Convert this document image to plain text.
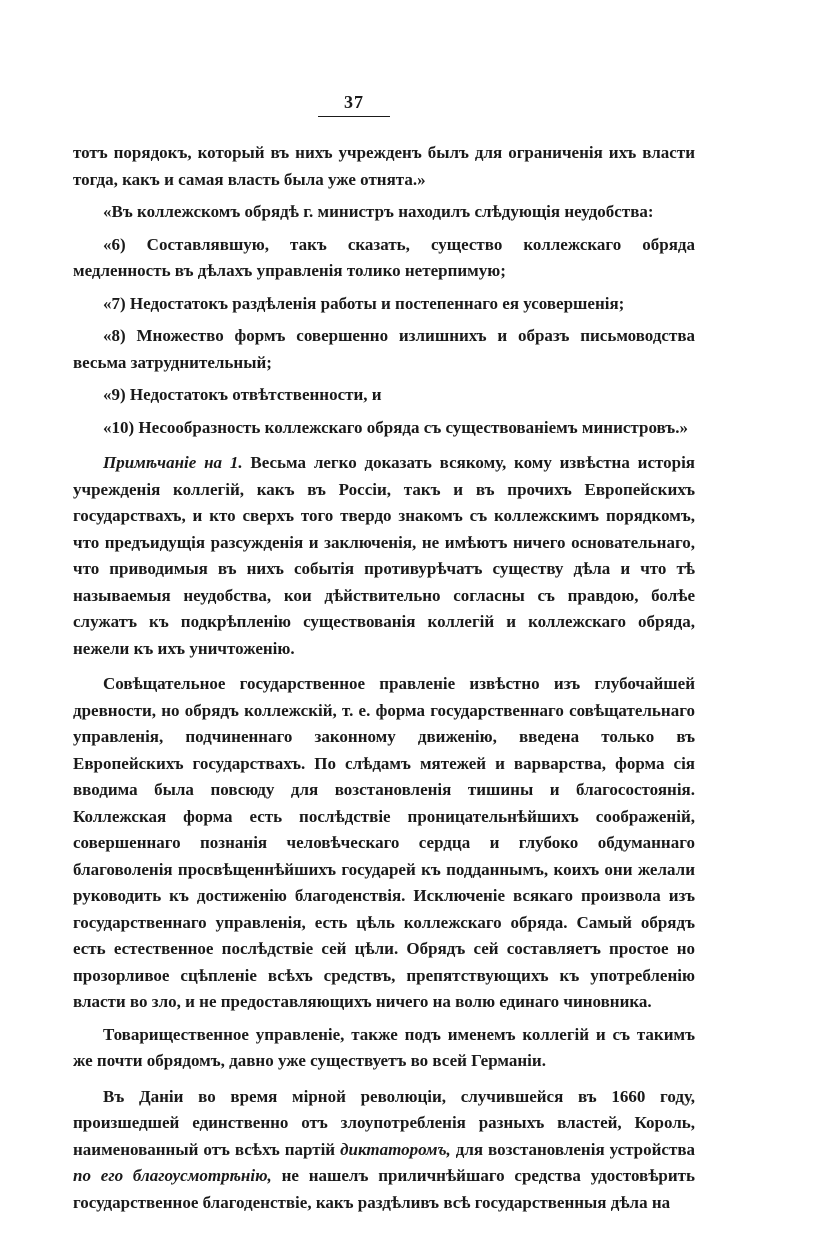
37

тотъ порядокъ, который въ нихъ учрежденъ былъ для ограниченія ихъ власти тогда, какъ и самая власть была уже отнята.»

«Въ коллежскомъ обрядѣ г. министръ находилъ слѣдующія неудобства:

«6) Составлявшую, такъ сказать, существо коллежскаго обряда медленность въ дѣлахъ управленія толико нетерпимую;

«7) Недостатокъ раздѣленія работы и постепеннаго ея усовершенія;

«8) Множество формъ совершенно излишнихъ и образъ письмоводства весьма затруднительный;

«9) Недостатокъ отвѣтственности, и

«10) Несообразность коллежскаго обряда съ существованіемъ министровъ.»

Примѣчаніе на 1. Весьма легко доказать всякому, кому извѣстна исторія учрежденія коллегій, какъ въ Россіи, такъ и въ прочихъ Европейскихъ государствахъ, и кто сверхъ того твердо знакомъ съ коллежскимъ порядкомъ, что предъидущія разсужденія и заключенія, не имѣютъ ничего основательнаго, что приводимыя въ нихъ событія противурѣчатъ существу дѣла и что тѣ называемыя неудобства, кои дѣйствительно согласны съ правдою, болѣе служатъ къ подкрѣпленію существованія коллегій и коллежскаго обряда, нежели къ ихъ уничтоженію.

Совѣщательное государственное правленіе извѣстно изъ глубочайшей древности, но обрядъ коллежскій, т. е. форма государственнаго совѣщательнаго управленія, подчиненнаго законному движенію, введена только въ Европейскихъ государствахъ. По слѣдамъ мятежей и варварства, форма сія вводима была повсюду для возстановленія тишины и благосостоянія. Коллежская форма есть послѣдствіе проницательнѣйшихъ соображеній, совершеннаго познанія человѣческаго сердца и глубоко обдуманнаго благоволенія просвѣщеннѣйшихъ государей къ подданнымъ, коихъ они желали руководить къ достиженію благоденствія. Исключеніе всякаго произвола изъ государственнаго управленія, есть цѣль коллежскаго обряда. Самый обрядъ есть естественное послѣдствіе сей цѣли. Обрядъ сей составляетъ простое но прозорливое сцѣпленіе всѣхъ средствъ, препятствующихъ къ употребленію власти во зло, и не предоставляющихъ ничего на волю единаго чиновника.

Товарищественное управленіе, также подъ именемъ коллегій и съ такимъ же почти обрядомъ, давно уже существуетъ во всей Германіи.

Въ Даніи во время мірной революціи, случившейся въ 1660 году, произшедшей единственно отъ злоупотребленія разныхъ властей, Король, наименованный отъ всѣхъ партій диктаторомъ, для возстановленія устройства по его благоусмотрѣнію, не нашелъ приличнѣйшаго средства удостовѣрить государственное благоденствіе, какъ раздѣливъ всѣ государственныя дѣла на
